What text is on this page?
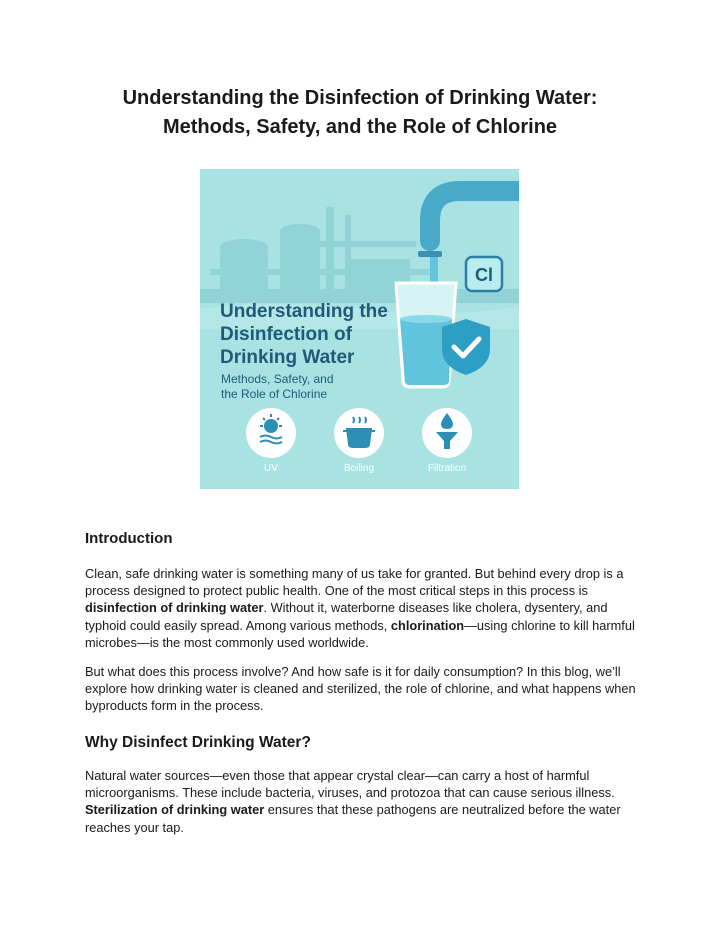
Understanding the Disinfection of Drinking Water:
Methods, Safety, and the Role of Chlorine
Cl
Understanding the
Disinfection of
Drinking Water
Methods, Safety, and
the Role of Chlorine
UV	Boiling	Filtration
Introduction

Clean, safe drinking water is something many of us take for granted. But behind every drop is a process designed to protect public health. One of the most critical steps in this process is disinfection of drinking water. Without it, waterborne diseases like cholera, dysentery, and typhoid could easily spread. Among various methods, chlorination—using chlorine to kill harmful microbes—is the most commonly used worldwide.

But what does this process involve? And how safe is it for daily consumption? In this blog, we’ll explore how drinking water is cleaned and sterilized, the role of chlorine, and what happens when byproducts form in the process.

Why Disinfect Drinking Water?

Natural water sources—even those that appear crystal clear—can carry a host of harmful microorganisms. These include bacteria, viruses, and protozoa that can cause serious illness. Sterilization of drinking water ensures that these pathogens are neutralized before the water reaches your tap.
